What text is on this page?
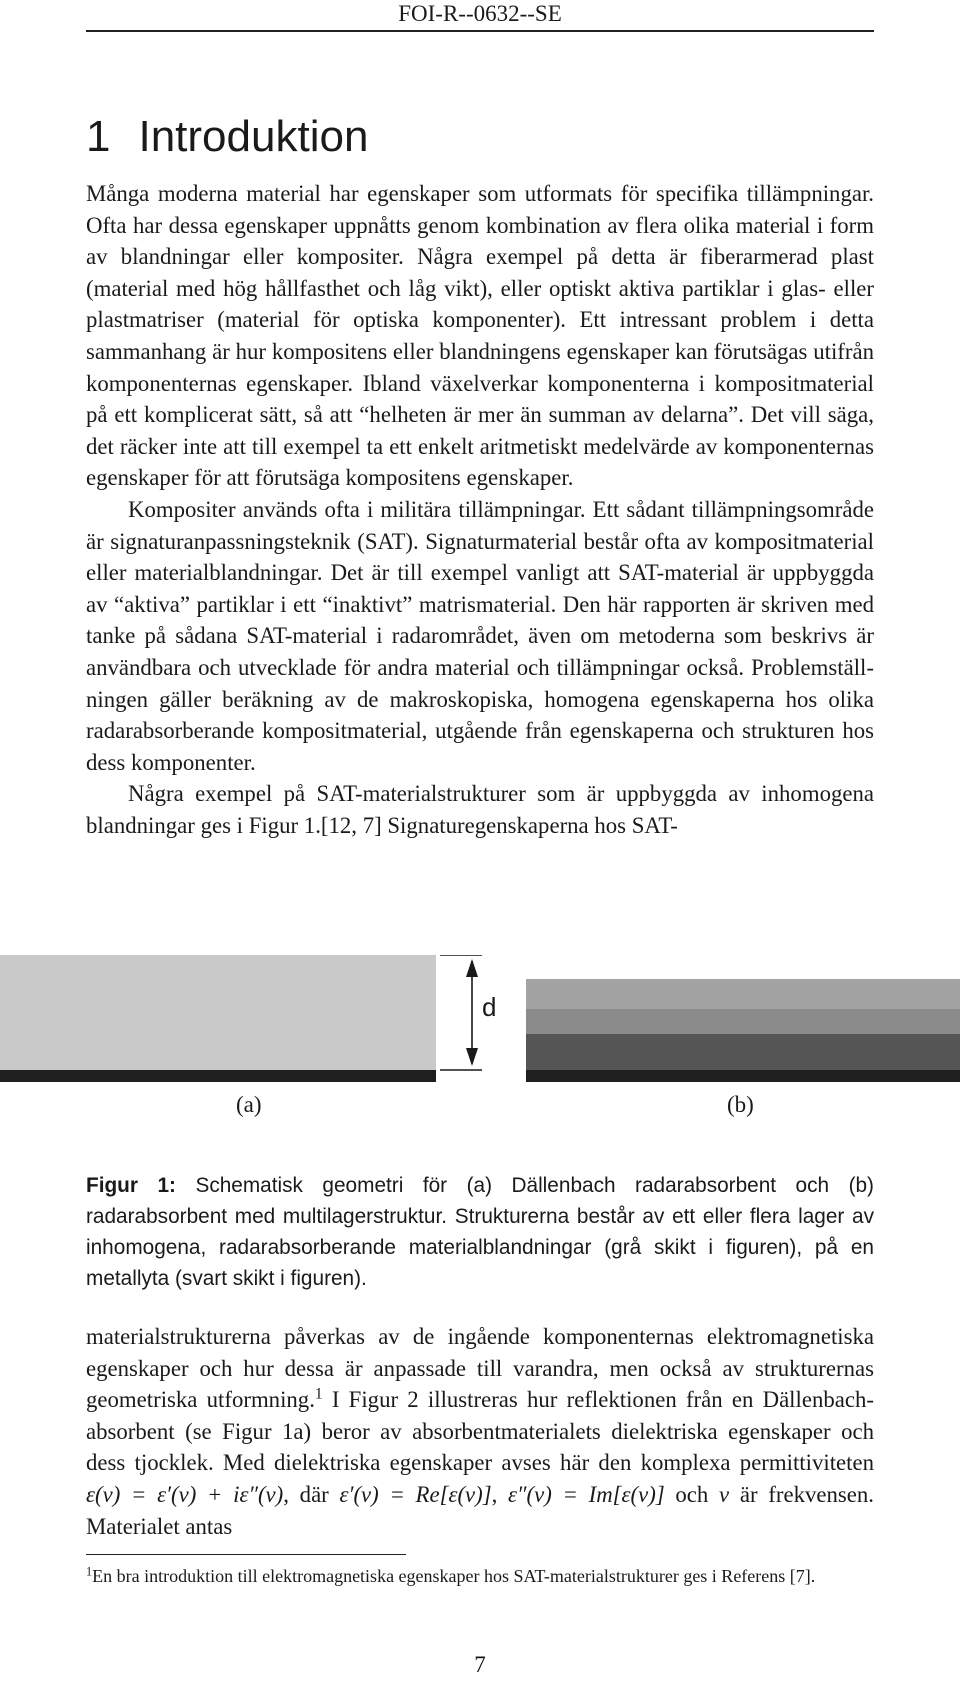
FOI-R--0632--SE
1 Introduktion

Många moderna material har egenskaper som utformats för specifika tillämpningar. Ofta har dessa egenskaper uppnåtts genom kombination av flera olika material i form av blandningar eller kompositer. Några exempel på detta är fiberarmerad plast (material med hög hållfasthet och låg vikt), eller optiskt aktiva partiklar i glas- eller plastmatriser (material för optiska komponenter). Ett intressant problem i detta sammanhang är hur kompositens eller blandningens egenskaper kan förutsägas utifrån komponenternas egenskaper. Ibland växelverkar komponenterna i kompositmaterial på ett komplicerat sätt, så att “helheten är mer än summan av delarna”. Det vill säga, det räcker inte att till exempel ta ett enkelt aritmetiskt medelvärde av komponenternas egenskaper för att förutsäga kompositens egenskaper.

Kompositer används ofta i militära tillämpningar. Ett sådant tillämpningsområde är signaturanpassningsteknik (SAT). Signaturmaterial består ofta av kompositmaterial eller materialblandningar. Det är till exempel vanligt att SAT-material är uppbyggda av “aktiva” partiklar i ett “inaktivt” matrismaterial. Den här rapporten är skriven med tanke på sådana SAT-material i radarområdet, även om metoderna som beskrivs är användbara och utvecklade för andra material och tillämpningar också. Problemställningen gäller beräkning av de makroskopiska, homogena egenskaperna hos olika radarabsorberande kompositmaterial, utgående från egenskaperna och strukturen hos dess komponenter.

Några exempel på SAT-materialstrukturer som är uppbyggda av inhomogena blandningar ges i Figur 1.[12, 7] Signaturegenskaperna hos SAT-

d
(a)	(b)
Figur 1: Schematisk geometri för (a) Dällenbach radarabsorbent och (b) radarabsorbent med multilagerstruktur. Strukturerna består av ett eller flera lager av inhomogena, radarabsorberande materialblandningar (grå skikt i figuren), på en metallyta (svart skikt i figuren).

materialstrukturerna påverkas av de ingående komponenternas elektromagnetiska egenskaper och hur dessa är anpassade till varandra, men också av strukturernas geometriska utformning.$^1$ I Figur 2 illustreras hur reflektionen från en Dällenbach-absorbent (se Figur 1a) beror av absorbentmaterialets dielektriska egenskaper och dess tjocklek. Med dielektriska egenskaper avses här den komplexa permittiviteten ε(ν) = ε′(ν) + iε″(ν), där ε′(ν) = Re[ε(ν)], ε″(ν) = Im[ε(ν)] och ν är frekvensen. Materialet antas

$^1$En bra introduktion till elektromagnetiska egenskaper hos SAT-materialstrukturer ges i Referens [7].
7
